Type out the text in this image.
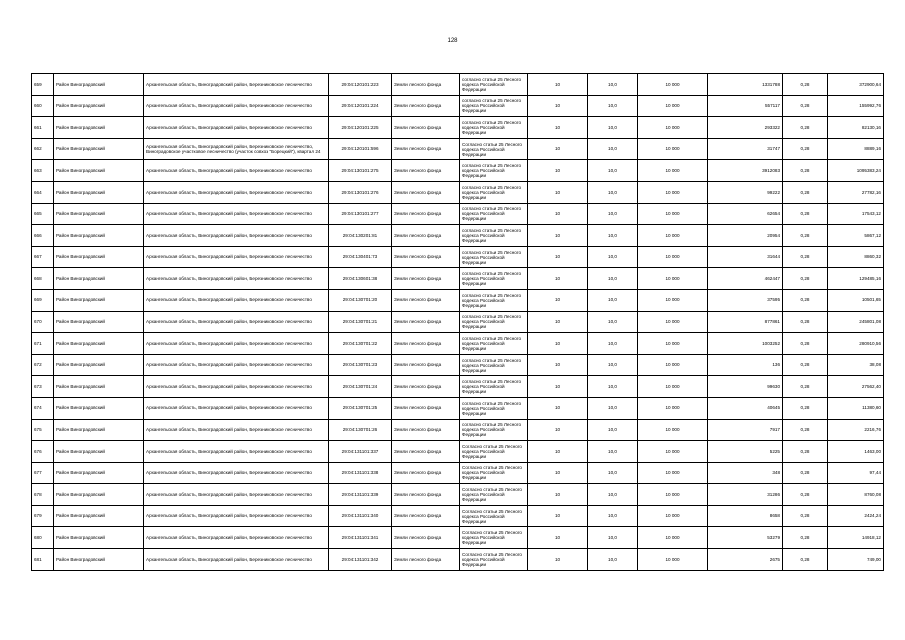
128
659	Район Виноградовский	Архангельская область, Виноградовский район, Березниковское лесничество	29:04:120101:223	Земли лесного фонда	согласно статьи 25 Лесного кодекса Российской Федерации	10	10,0	10 000	1331788	0,28	372900,64
660	Район Виноградовский	Архангельская область, Виноградовский район, Березниковское лесничество	29:04:120101:224	Земли лесного фонда	согласно статьи 25 Лесного кодекса Российской Федерации	10	10,0	10 000	557117	0,28	155992,76
661	Район Виноградовский	Архангельская область, Виноградовский район, Березниковское лесничество	29:04:120101:225	Земли лесного фонда	согласно статьи 25 Лесного кодекса Российской Федерации	10	10,0	10 000	293322	0,28	82130,16
662	Район Виноградовский	Архангельская область, Виноградовский район, Березниковское лесничество, Виноградовское участковое лесничество (участок совхоз "Борецкий"), квартал 24	29:04:120101:596	Земли лесного фонда	Согласно статьи 25 Лесного кодекса Российской Федерации	10	10,0	10 000	31747	0,28	8889,16
663	Район Виноградовский	Архангельская область, Виноградовский район, Березниковское лесничество	29:04:130101:275	Земли лесного фонда	согласно статьи 25 Лесного кодекса Российской Федерации	10	10,0	10 000	3912083	0,28	1095383,24
664	Район Виноградовский	Архангельская область, Виноградовский район, Березниковское лесничество	29:04:130101:276	Земли лесного фонда	согласно статьи 25 Лесного кодекса Российской Федерации	10	10,0	10 000	99222	0,28	27782,16
665	Район Виноградовский	Архангельская область, Виноградовский район, Березниковское лесничество	29:04:130101:277	Земли лесного фонда	согласно статьи 25 Лесного кодекса Российской Федерации	10	10,0	10 000	62654	0,28	17543,12
666	Район Виноградовский	Архангельская область, Виноградовский район, Березниковское лесничество	29:04:130201:81	Земли лесного фонда	согласно статьи 25 Лесного кодекса Российской Федерации	10	10,0	10 000	20954	0,28	5867,12
667	Район Виноградовский	Архангельская область, Виноградовский район, Березниковское лесничество	29:04:130401:73	Земли лесного фонда	согласно статьи 25 Лесного кодекса Российской Федерации	10	10,0	10 000	31644	0,28	8860,32
668	Район Виноградовский	Архангельская область, Виноградовский район, Березниковское лесничество	29:04:130601:38	Земли лесного фонда	согласно статьи 25 Лесного кодекса Российской Федерации	10	10,0	10 000	462447	0,28	129485,16
669	Район Виноградовский	Архангельская область, Виноградовский район, Березниковское лесничество	29:04:130701:20	Земли лесного фонда	согласно статьи 25 Лесного кодекса Российской Федерации	10	10,0	10 000	37595	0,28	10501,65
670	Район Виноградовский	Архангельская область, Виноградовский район, Березниковское лесничество	29:04:130701:21	Земли лесного фонда	согласно статьи 25 Лесного кодекса Российской Федерации	10	10,0	10 000	877861	0,28	245801,08
671	Район Виноградовский	Архангельская область, Виноградовский район, Березниковское лесничество	29:04:130701:22	Земли лесного фонда	согласно статьи 25 Лесного кодекса Российской Федерации	10	10,0	10 000	1003252	0,28	280910,56
672	Район Виноградовский	Архангельская область, Виноградовский район, Березниковское лесничество	29:04:130701:23	Земли лесного фонда	согласно статьи 25 Лесного кодекса Российской Федерации	10	10,0	10 000	136	0,28	38,08
673	Район Виноградовский	Архангельская область, Виноградовский район, Березниковское лесничество	29:04:130701:24	Земли лесного фонда	согласно статьи 25 Лесного кодекса Российской Федерации	10	10,0	10 000	99630	0,28	27562,40
674	Район Виноградовский	Архангельская область, Виноградовский район, Березниковское лесничество	29:04:130701:25	Земли лесного фонда	согласно статьи 25 Лесного кодекса Российской Федерации	10	10,0	10 000	40645	0,28	11380,60
675	Район Виноградовский	Архангельская область, Виноградовский район, Березниковское лесничество	29:04:130701:26	Земли лесного фонда	согласно статьи 25 Лесного кодекса Российской Федерации	10	10,0	10 000	7917	0,28	2216,76
676	Район Виноградовский	Архангельская область, Виноградовский район, Березниковское лесничество	29:04:131101:337	Земли лесного фонда	Согласно статьи 25 Лесного кодекса Российской Федерации	10	10,0	10 000	5225	0,28	1463,00
677	Район Виноградовский	Архангельская область, Виноградовский район, Березниковское лесничество	29:04:131101:338	Земли лесного фонда	Согласно статьи 25 Лесного кодекса Российской Федерации	10	10,0	10 000	348	0,28	97,44
678	Район Виноградовский	Архангельская область, Виноградовский район, Березниковское лесничество	29:04:131101:339	Земли лесного фонда	Согласно статьи 25 Лесного кодекса Российской Федерации	10	10,0	10 000	31286	0,28	8760,08
679	Район Виноградовский	Архангельская область, Виноградовский район, Березниковское лесничество	29:04:131101:340	Земли лесного фонда	Согласно статьи 25 Лесного кодекса Российской Федерации	10	10,0	10 000	8658	0,28	2424,24
680	Район Виноградовский	Архангельская область, Виноградовский район, Березниковское лесничество	29:04:131101:341	Земли лесного фонда	Согласно статьи 25 Лесного кодекса Российской Федерации	10	10,0	10 000	53279	0,28	14918,12
681	Район Виноградовский	Архангельская область, Виноградовский район, Березниковское лесничество	29:04:131101:342	Земли лесного фонда	Согласно статьи 25 Лесного кодекса Российской Федерации	10	10,0	10 000	2675	0,28	749,00
